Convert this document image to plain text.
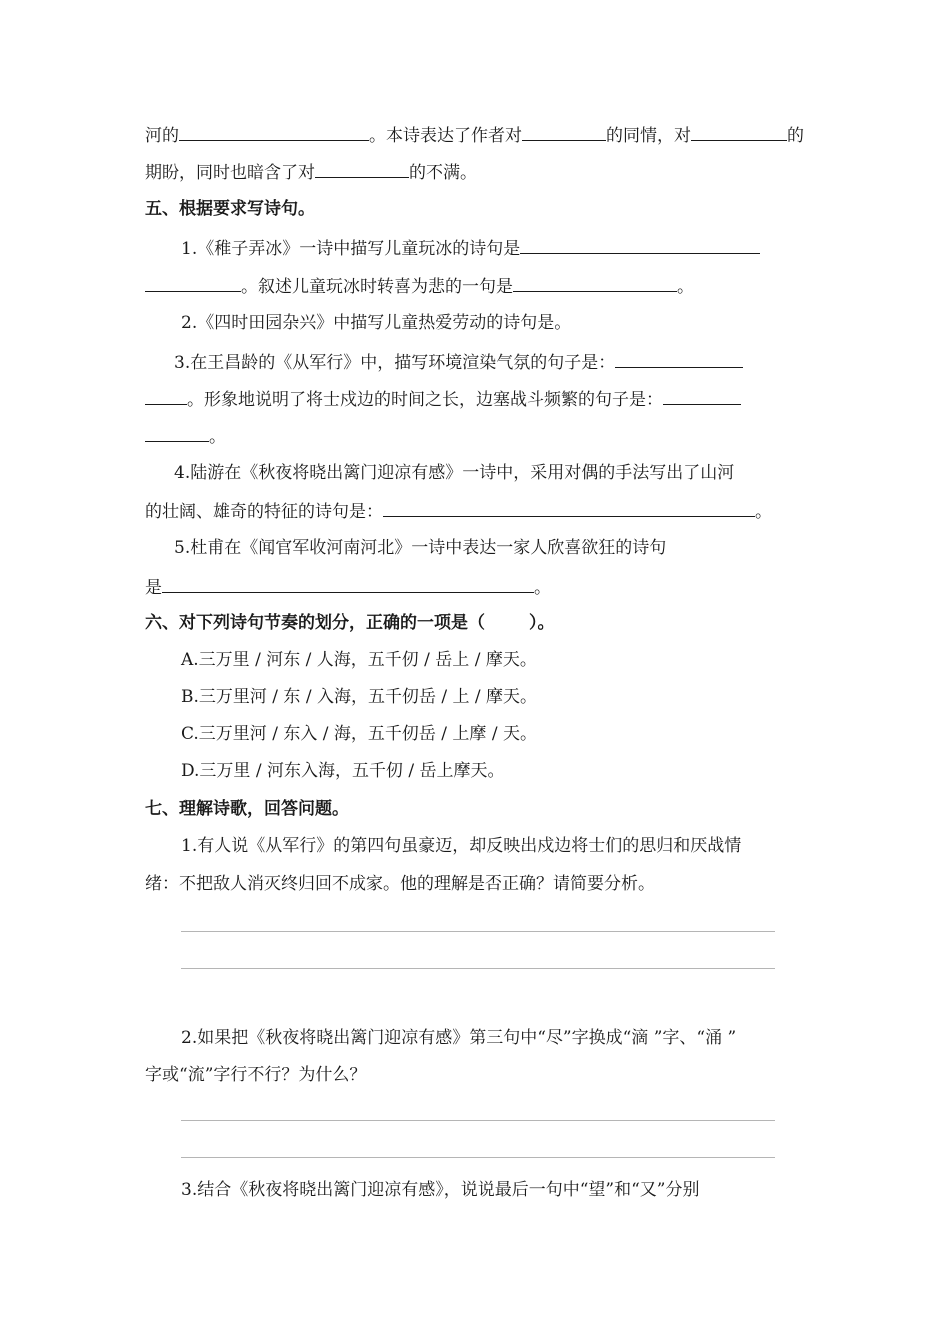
河的	。本诗表达了作者对	的同情，对	的
期盼，同时也暗含了对	的不满。
五、根据要求写诗句。
1.《稚子弄冰》一诗中描写儿童玩冰的诗句是
。叙述儿童玩冰时转喜为悲的一句是	。
2.《四时田园杂兴》中描写儿童热爱劳动的诗句是。
3.在王昌龄的《从军行》中，描写环境渲染气氛的句子是：
。形象地说明了将士戍边的时间之长，边塞战斗频繁的句子是：
。
4.陆游在《秋夜将晓出篱门迎凉有感》一诗中，采用对偶的手法写出了山河
的壮阔、雄奇的特征的诗句是：	。
5.杜甫在《闻官军收河南河北》一诗中表达一家人欣喜欲狂的诗句
是	。
六、对下列诗句节奏的划分，正确的一项是（	）。
A.三万里 / 河东 / 人海，五千仞 / 岳上 / 摩天。
B.三万里河 / 东 / 入海，五千仞岳 / 上 / 摩天。
C.三万里河 / 东入 / 海，五千仞岳 / 上摩 / 天。
D.三万里 / 河东入海，五千仞 / 岳上摩天。
七、理解诗歌，回答问题。
1.有人说《从军行》的第四句虽豪迈，却反映出戍边将士们的思归和厌战情
绪：不把敌人消灭终归回不成家。他的理解是否正确？请简要分析。
2.如果把《秋夜将晓出篱门迎凉有感》第三句中“尽”字换成“滴 ”字、“涌 ”
字或“流”字行不行？为什么？
3.结合《秋夜将晓出篱门迎凉有感》，说说最后一句中“望”和“又”分别
